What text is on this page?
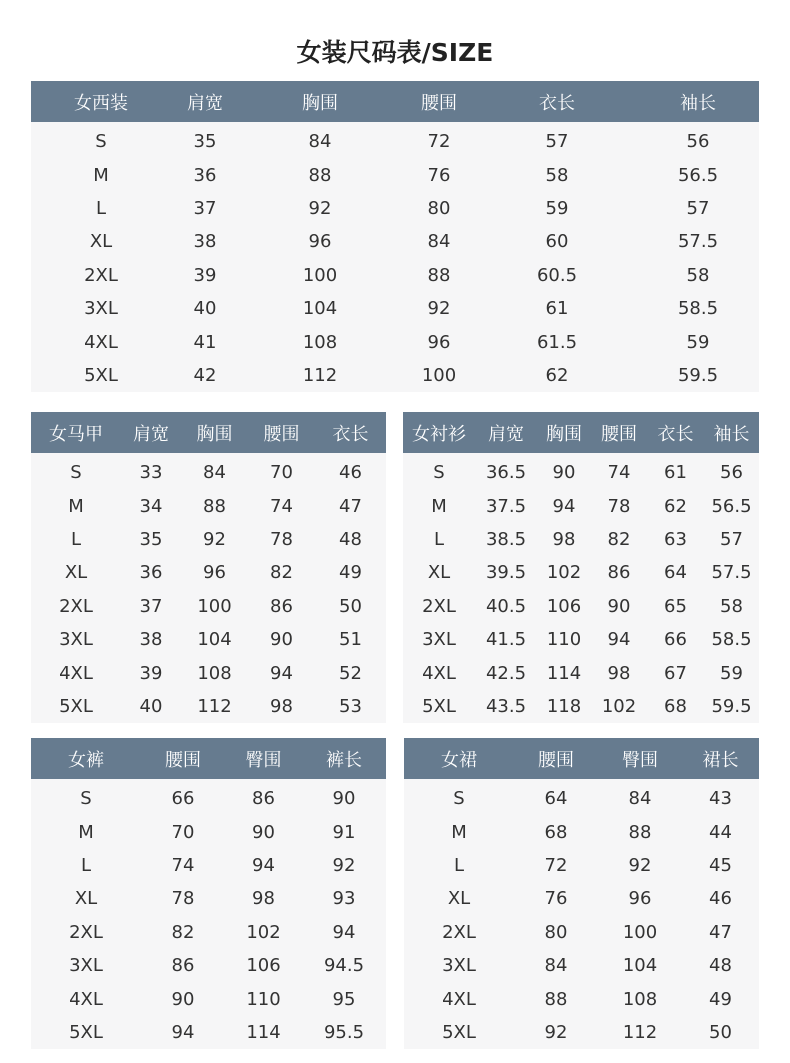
女装尺码表/SIZE
女西装	肩宽	胸围	腰围	衣长	袖长
S	35	84	72	57	56
M	36	88	76	58	56.5
L	37	92	80	59	57
XL	38	96	84	60	57.5
2XL	39	100	88	60.5	58
3XL	40	104	92	61	58.5
4XL	41	108	96	61.5	59
5XL	42	112	100	62	59.5
女马甲	肩宽	胸围	腰围	衣长
S	33	84	70	46
M	34	88	74	47
L	35	92	78	48
XL	36	96	82	49
2XL	37	100	86	50
3XL	38	104	90	51
4XL	39	108	94	52
5XL	40	112	98	53
女衬衫	肩宽	胸围	腰围	衣长	袖长
S	36.5	90	74	61	56
M	37.5	94	78	62	56.5
L	38.5	98	82	63	57
XL	39.5	102	86	64	57.5
2XL	40.5	106	90	65	58
3XL	41.5	110	94	66	58.5
4XL	42.5	114	98	67	59
5XL	43.5	118	102	68	59.5
女裤	腰围	臀围	裤长
S	66	86	90
M	70	90	91
L	74	94	92
XL	78	98	93
2XL	82	102	94
3XL	86	106	94.5
4XL	90	110	95
5XL	94	114	95.5
女裙	腰围	臀围	裙长
S	64	84	43
M	68	88	44
L	72	92	45
XL	76	96	46
2XL	80	100	47
3XL	84	104	48
4XL	88	108	49
5XL	92	112	50
